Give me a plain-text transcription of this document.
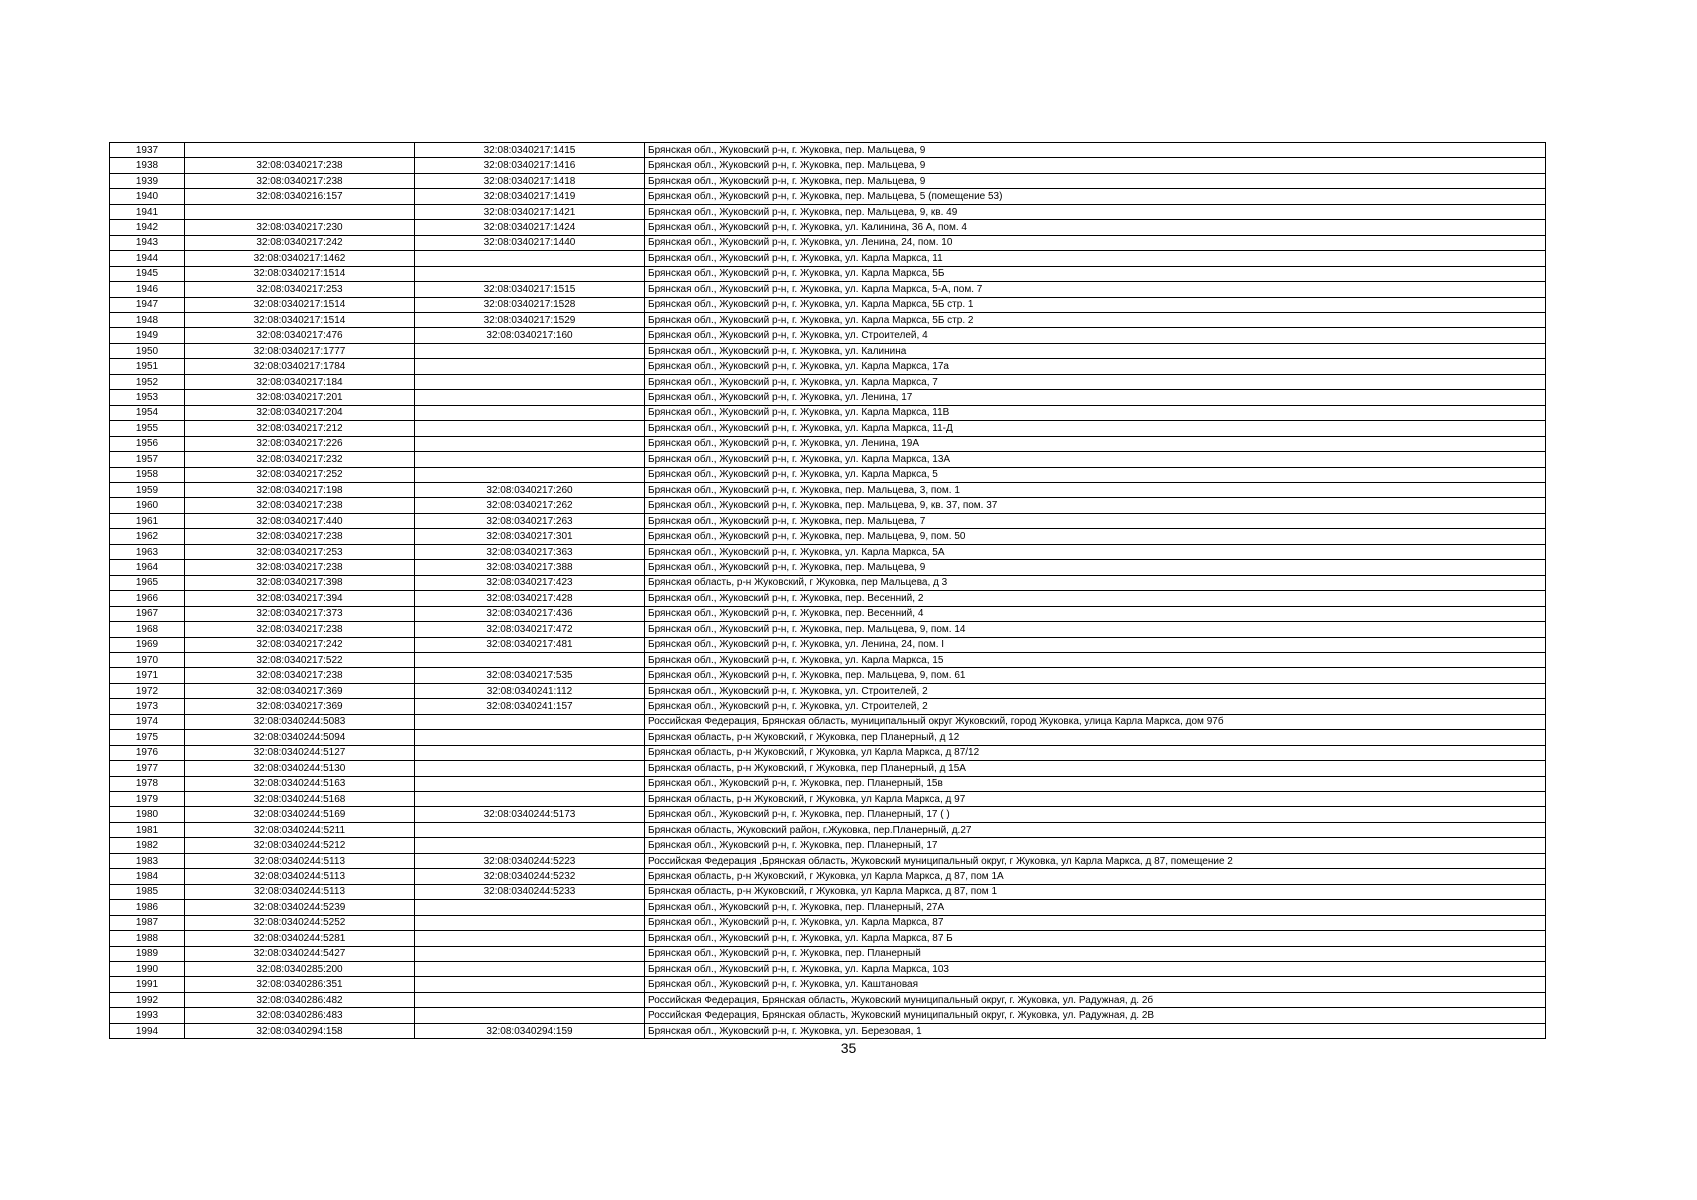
1937		32:08:0340217:1415	Брянская обл., Жуковский р-н, г. Жуковка, пер. Мальцева, 9
1938	32:08:0340217:238	32:08:0340217:1416	Брянская обл., Жуковский р-н, г. Жуковка, пер. Мальцева, 9
1939	32:08:0340217:238	32:08:0340217:1418	Брянская обл., Жуковский р-н, г. Жуковка, пер. Мальцева, 9
1940	32:08:0340216:157	32:08:0340217:1419	Брянская обл., Жуковский р-н, г. Жуковка, пер. Мальцева, 5 (помещение 53)
1941		32:08:0340217:1421	Брянская обл., Жуковский р-н, г. Жуковка, пер. Мальцева, 9, кв. 49
1942	32:08:0340217:230	32:08:0340217:1424	Брянская обл., Жуковский р-н, г. Жуковка, ул. Калинина, 36 А, пом. 4
1943	32:08:0340217:242	32:08:0340217:1440	Брянская обл., Жуковский р-н, г. Жуковка, ул. Ленина, 24, пом. 10
1944	32:08:0340217:1462		Брянская обл., Жуковский р-н, г. Жуковка, ул. Карла Маркса, 11
1945	32:08:0340217:1514		Брянская обл., Жуковский р-н, г. Жуковка, ул. Карла Маркса, 5Б
1946	32:08:0340217:253	32:08:0340217:1515	Брянская обл., Жуковский р-н, г. Жуковка, ул. Карла Маркса, 5-А, пом. 7
1947	32:08:0340217:1514	32:08:0340217:1528	Брянская обл., Жуковский р-н, г. Жуковка, ул. Карла Маркса, 5Б стр. 1
1948	32:08:0340217:1514	32:08:0340217:1529	Брянская обл., Жуковский р-н, г. Жуковка, ул. Карла Маркса, 5Б стр. 2
1949	32:08:0340217:476	32:08:0340217:160	Брянская обл., Жуковский р-н, г. Жуковка, ул. Строителей, 4
1950	32:08:0340217:1777		Брянская обл., Жуковский р-н, г. Жуковка, ул. Калинина
1951	32:08:0340217:1784		Брянская обл., Жуковский р-н, г. Жуковка, ул. Карла Маркса, 17а
1952	32:08:0340217:184		Брянская обл., Жуковский р-н, г. Жуковка, ул. Карла Маркса, 7
1953	32:08:0340217:201		Брянская обл., Жуковский р-н, г. Жуковка, ул. Ленина, 17
1954	32:08:0340217:204		Брянская обл., Жуковский р-н, г. Жуковка, ул. Карла Маркса, 11В
1955	32:08:0340217:212		Брянская обл., Жуковский р-н, г. Жуковка, ул. Карла Маркса, 11-Д
1956	32:08:0340217:226		Брянская обл., Жуковский р-н, г. Жуковка, ул. Ленина, 19А
1957	32:08:0340217:232		Брянская обл., Жуковский р-н, г. Жуковка, ул. Карла Маркса, 13А
1958	32:08:0340217:252		Брянская обл., Жуковский р-н, г. Жуковка, ул. Карла Маркса, 5
1959	32:08:0340217:198	32:08:0340217:260	Брянская обл., Жуковский р-н, г. Жуковка, пер. Мальцева, 3, пом. 1
1960	32:08:0340217:238	32:08:0340217:262	Брянская обл., Жуковский р-н, г. Жуковка, пер. Мальцева, 9, кв. 37, пом. 37
1961	32:08:0340217:440	32:08:0340217:263	Брянская обл., Жуковский р-н, г. Жуковка, пер. Мальцева, 7
1962	32:08:0340217:238	32:08:0340217:301	Брянская обл., Жуковский р-н, г. Жуковка, пер. Мальцева, 9, пом. 50
1963	32:08:0340217:253	32:08:0340217:363	Брянская обл., Жуковский р-н, г. Жуковка, ул. Карла Маркса, 5А
1964	32:08:0340217:238	32:08:0340217:388	Брянская обл., Жуковский р-н, г. Жуковка, пер. Мальцева, 9
1965	32:08:0340217:398	32:08:0340217:423	Брянская область, р-н Жуковский, г Жуковка, пер Мальцева, д 3
1966	32:08:0340217:394	32:08:0340217:428	Брянская обл., Жуковский р-н, г. Жуковка, пер. Весенний, 2
1967	32:08:0340217:373	32:08:0340217:436	Брянская обл., Жуковский р-н, г. Жуковка, пер. Весенний, 4
1968	32:08:0340217:238	32:08:0340217:472	Брянская обл., Жуковский р-н, г. Жуковка, пер. Мальцева, 9, пом. 14
1969	32:08:0340217:242	32:08:0340217:481	Брянская обл., Жуковский р-н, г. Жуковка, ул. Ленина, 24, пом. I
1970	32:08:0340217:522		Брянская обл., Жуковский р-н, г. Жуковка, ул. Карла Маркса, 15
1971	32:08:0340217:238	32:08:0340217:535	Брянская обл., Жуковский р-н, г. Жуковка, пер. Мальцева, 9, пом. 61
1972	32:08:0340217:369	32:08:0340241:112	Брянская обл., Жуковский р-н, г. Жуковка, ул. Строителей, 2
1973	32:08:0340217:369	32:08:0340241:157	Брянская обл., Жуковский р-н, г. Жуковка, ул. Строителей, 2
1974	32:08:0340244:5083		Российская Федерация, Брянская область, муниципальный округ Жуковский, город Жуковка, улица Карла Маркса, дом 97б
1975	32:08:0340244:5094		Брянская область, р-н Жуковский, г Жуковка, пер Планерный, д 12
1976	32:08:0340244:5127		Брянская область, р-н Жуковский, г Жуковка, ул Карла Маркса, д 87/12
1977	32:08:0340244:5130		Брянская область, р-н Жуковский, г Жуковка, пер Планерный, д 15А
1978	32:08:0340244:5163		Брянская обл., Жуковский р-н, г. Жуковка, пер. Планерный, 15в
1979	32:08:0340244:5168		Брянская область, р-н Жуковский, г Жуковка, ул Карла Маркса, д 97
1980	32:08:0340244:5169	32:08:0340244:5173	Брянская обл., Жуковский р-н, г. Жуковка, пер. Планерный, 17 ( )
1981	32:08:0340244:5211		Брянская область, Жуковский район, г.Жуковка, пер.Планерный, д.27
1982	32:08:0340244:5212		Брянская обл., Жуковский р-н, г. Жуковка, пер. Планерный, 17
1983	32:08:0340244:5113	32:08:0340244:5223	Российская Федерация ,Брянская область, Жуковский муниципальный округ, г Жуковка, ул Карла Маркса, д 87, помещение 2
1984	32:08:0340244:5113	32:08:0340244:5232	Брянская область, р-н Жуковский, г Жуковка, ул Карла Маркса, д 87, пом 1А
1985	32:08:0340244:5113	32:08:0340244:5233	Брянская область, р-н Жуковский, г Жуковка, ул Карла Маркса, д 87, пом 1
1986	32:08:0340244:5239		Брянская обл., Жуковский р-н, г. Жуковка, пер. Планерный, 27А
1987	32:08:0340244:5252		Брянская обл., Жуковский р-н, г. Жуковка, ул. Карла Маркса, 87
1988	32:08:0340244:5281		Брянская обл., Жуковский р-н, г. Жуковка, ул. Карла Маркса, 87 Б
1989	32:08:0340244:5427		Брянская обл., Жуковский р-н, г. Жуковка, пер. Планерный
1990	32:08:0340285:200		Брянская обл., Жуковский р-н, г. Жуковка, ул. Карла Маркса, 103
1991	32:08:0340286:351		Брянская обл., Жуковский р-н, г. Жуковка, ул. Каштановая
1992	32:08:0340286:482		Российская Федерация, Брянская область, Жуковский муниципальный округ, г. Жуковка, ул. Радужная, д. 2б
1993	32:08:0340286:483		Российская Федерация, Брянская область, Жуковский муниципальный округ, г. Жуковка, ул. Радужная, д. 2В
1994	32:08:0340294:158	32:08:0340294:159	Брянская обл., Жуковский р-н, г. Жуковка, ул. Березовая, 1
35
